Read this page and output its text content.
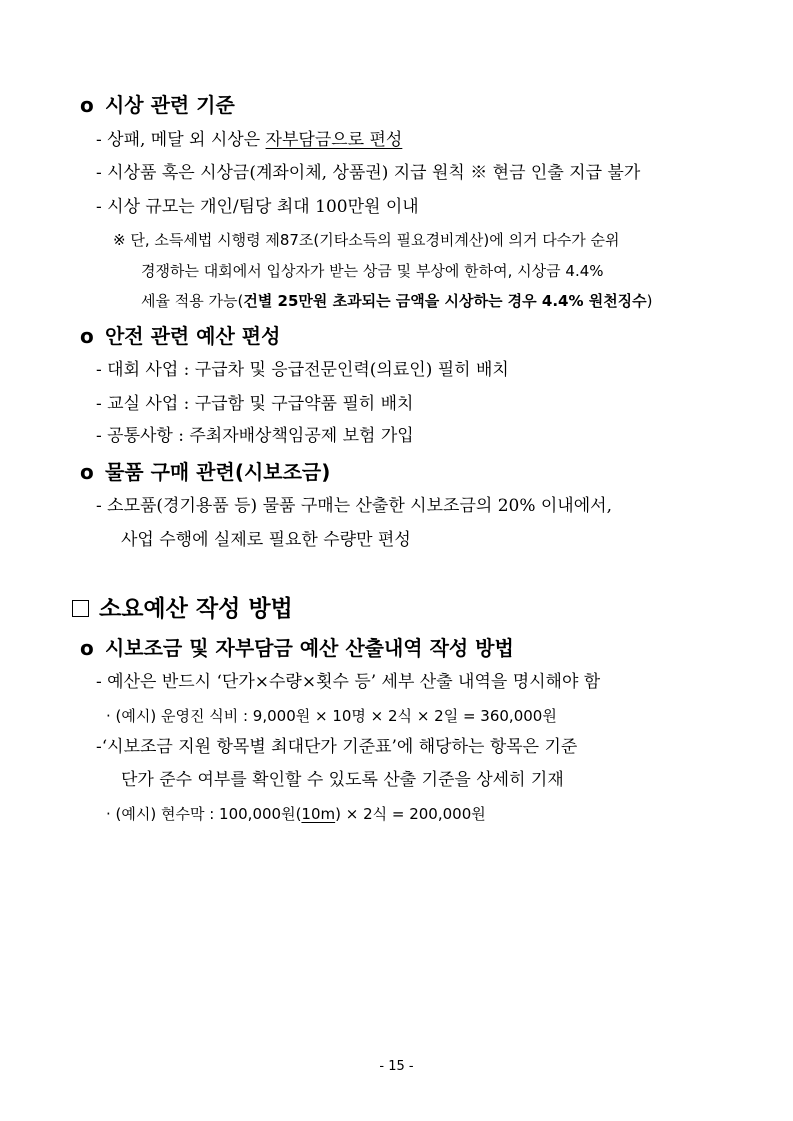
o 시상 관련 기준
- 상패, 메달 외 시상은 자부담금으로 편성
- 시상품 혹은 시상금(계좌이체, 상품권) 지급 원칙 ※ 현금 인출 지급 불가
- 시상 규모는 개인/팀당 최대 100만원 이내
※ 단, 소득세법 시행령 제87조(기타소득의 필요경비계산)에 의거 다수가 순위
경쟁하는 대회에서 입상자가 받는 상금 및 부상에 한하여, 시상금 4.4%
세율 적용 가능(건별 25만원 초과되는 금액을 시상하는 경우 4.4% 원천징수)
o 안전 관련 예산 편성
- 대회 사업 : 구급차 및 응급전문인력(의료인) 필히 배치
- 교실 사업 : 구급함 및 구급약품 필히 배치
- 공통사항 : 주최자배상책임공제 보험 가입
o 물품 구매 관련(시보조금)
- 소모품(경기용품 등) 물품 구매는 산출한 시보조금의 20% 이내에서,
사업 수행에 실제로 필요한 수량만 편성
소요예산 작성 방법
o 시보조금 및 자부담금 예산 산출내역 작성 방법
- 예산은 반드시 ‘단가×수량×횟수 등’ 세부 산출 내역을 명시해야 함
· (예시) 운영진 식비 : 9,000원 × 10명 × 2식 × 2일 = 360,000원
-‘시보조금 지원 항목별 최대단가 기준표’에 해당하는 항목은 기준
단가 준수 여부를 확인할 수 있도록 산출 기준을 상세히 기재
· (예시) 현수막 : 100,000원(10m) × 2식 = 200,000원
- 15 -
